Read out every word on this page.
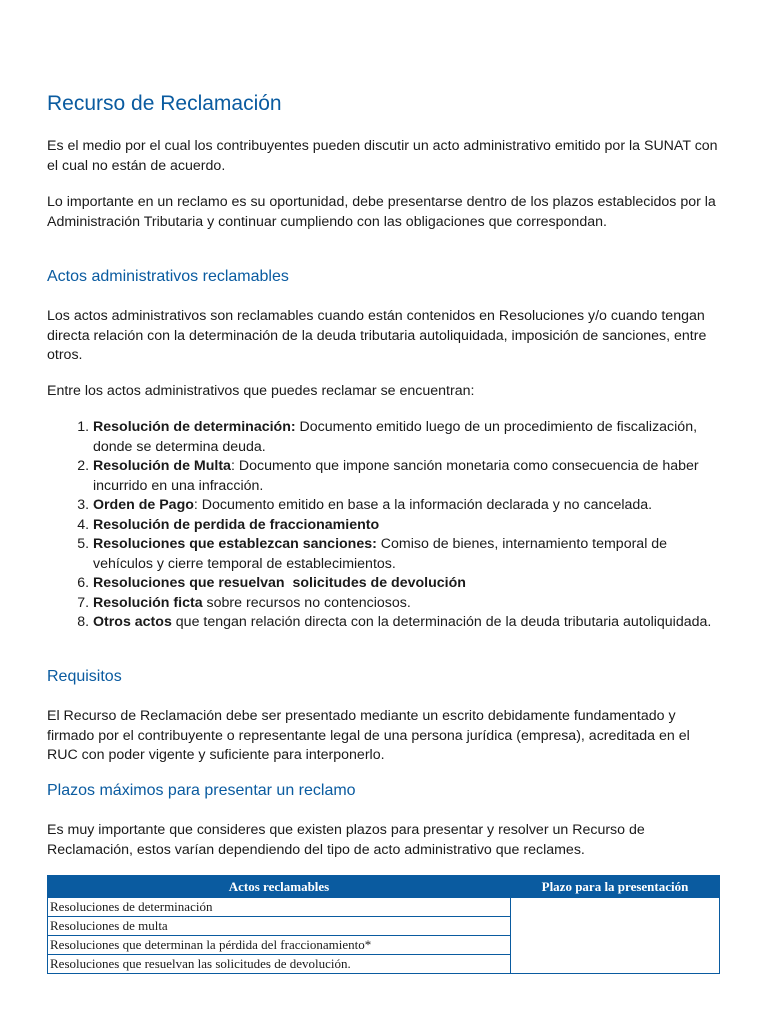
Recurso de Reclamación

Es el medio por el cual los contribuyentes pueden discutir un acto administrativo emitido por la SUNAT con el cual no están de acuerdo.

Lo importante en un reclamo es su oportunidad, debe presentarse dentro de los plazos establecidos por la Administración Tributaria y continuar cumpliendo con las obligaciones que correspondan.

Actos administrativos reclamables

Los actos administrativos son reclamables cuando están contenidos en Resoluciones y/o cuando tengan directa relación con la determinación de la deuda tributaria autoliquidada, imposición de sanciones, entre otros.

Entre los actos administrativos que puedes reclamar se encuentran:

1. Resolución de determinación: Documento emitido luego de un procedimiento de fiscalización, donde se determina deuda.
2. Resolución de Multa: Documento que impone sanción monetaria como consecuencia de haber incurrido en una infracción.
3. Orden de Pago: Documento emitido en base a la información declarada y no cancelada.
4. Resolución de perdida de fraccionamiento
5. Resoluciones que establezcan sanciones: Comiso de bienes, internamiento temporal de vehículos y cierre temporal de establecimientos.
6. Resoluciones que resuelvan  solicitudes de devolución
7. Resolución ficta sobre recursos no contenciosos.
8. Otros actos que tengan relación directa con la determinación de la deuda tributaria autoliquidada.
Requisitos

El Recurso de Reclamación debe ser presentado mediante un escrito debidamente fundamentado y firmado por el contribuyente o representante legal de una persona jurídica (empresa), acreditada en el RUC con poder vigente y suficiente para interponerlo.

Plazos máximos para presentar un reclamo

Es muy importante que consideres que existen plazos para presentar y resolver un Recurso de Reclamación, estos varían dependiendo del tipo de acto administrativo que reclames.

Actos reclamables	Plazo para la presentación
Resoluciones de determinación	
Resoluciones de multa	
Resoluciones que determinan la pérdida del fraccionamiento*	
Resoluciones que resuelvan las solicitudes de devolución.	
